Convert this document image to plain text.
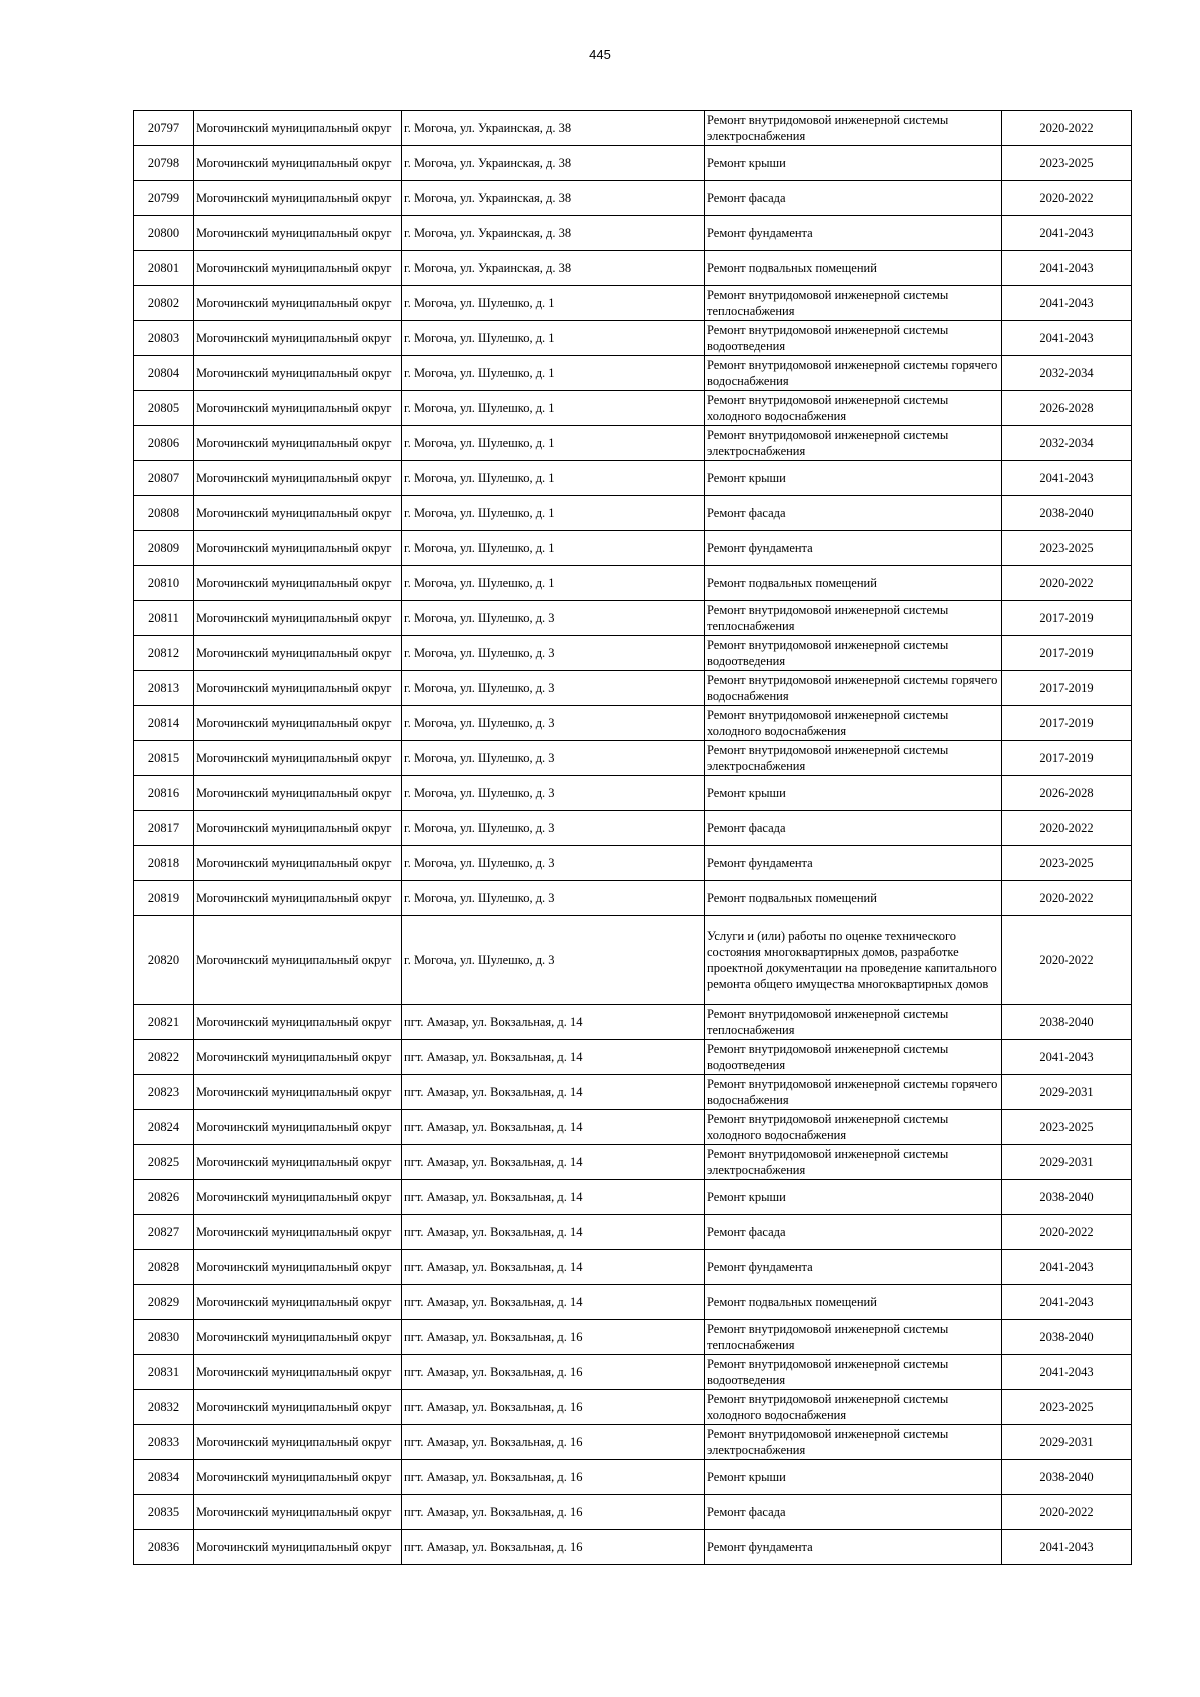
445
20797	Могочинский муниципальный округ	г. Могоча, ул. Украинская, д. 38	Ремонт внутридомовой инженерной системы электроснабжения	2020-2022
20798	Могочинский муниципальный округ	г. Могоча, ул. Украинская, д. 38	Ремонт крыши	2023-2025
20799	Могочинский муниципальный округ	г. Могоча, ул. Украинская, д. 38	Ремонт фасада	2020-2022
20800	Могочинский муниципальный округ	г. Могоча, ул. Украинская, д. 38	Ремонт фундамента	2041-2043
20801	Могочинский муниципальный округ	г. Могоча, ул. Украинская, д. 38	Ремонт подвальных помещений	2041-2043
20802	Могочинский муниципальный округ	г. Могоча, ул. Шулешко, д. 1	Ремонт внутридомовой инженерной системы теплоснабжения	2041-2043
20803	Могочинский муниципальный округ	г. Могоча, ул. Шулешко, д. 1	Ремонт внутридомовой инженерной системы водоотведения	2041-2043
20804	Могочинский муниципальный округ	г. Могоча, ул. Шулешко, д. 1	Ремонт внутридомовой инженерной системы горячего водоснабжения	2032-2034
20805	Могочинский муниципальный округ	г. Могоча, ул. Шулешко, д. 1	Ремонт внутридомовой инженерной системы холодного водоснабжения	2026-2028
20806	Могочинский муниципальный округ	г. Могоча, ул. Шулешко, д. 1	Ремонт внутридомовой инженерной системы электроснабжения	2032-2034
20807	Могочинский муниципальный округ	г. Могоча, ул. Шулешко, д. 1	Ремонт крыши	2041-2043
20808	Могочинский муниципальный округ	г. Могоча, ул. Шулешко, д. 1	Ремонт фасада	2038-2040
20809	Могочинский муниципальный округ	г. Могоча, ул. Шулешко, д. 1	Ремонт фундамента	2023-2025
20810	Могочинский муниципальный округ	г. Могоча, ул. Шулешко, д. 1	Ремонт подвальных помещений	2020-2022
20811	Могочинский муниципальный округ	г. Могоча, ул. Шулешко, д. 3	Ремонт внутридомовой инженерной системы теплоснабжения	2017-2019
20812	Могочинский муниципальный округ	г. Могоча, ул. Шулешко, д. 3	Ремонт внутридомовой инженерной системы водоотведения	2017-2019
20813	Могочинский муниципальный округ	г. Могоча, ул. Шулешко, д. 3	Ремонт внутридомовой инженерной системы горячего водоснабжения	2017-2019
20814	Могочинский муниципальный округ	г. Могоча, ул. Шулешко, д. 3	Ремонт внутридомовой инженерной системы холодного водоснабжения	2017-2019
20815	Могочинский муниципальный округ	г. Могоча, ул. Шулешко, д. 3	Ремонт внутридомовой инженерной системы электроснабжения	2017-2019
20816	Могочинский муниципальный округ	г. Могоча, ул. Шулешко, д. 3	Ремонт крыши	2026-2028
20817	Могочинский муниципальный округ	г. Могоча, ул. Шулешко, д. 3	Ремонт фасада	2020-2022
20818	Могочинский муниципальный округ	г. Могоча, ул. Шулешко, д. 3	Ремонт фундамента	2023-2025
20819	Могочинский муниципальный округ	г. Могоча, ул. Шулешко, д. 3	Ремонт подвальных помещений	2020-2022
20820	Могочинский муниципальный округ	г. Могоча, ул. Шулешко, д. 3	Услуги и (или) работы по оценке технического состояния многоквартирных домов, разработке проектной документации на проведение капитального ремонта общего имущества многоквартирных домов	2020-2022
20821	Могочинский муниципальный округ	пгт. Амазар, ул. Вокзальная, д. 14	Ремонт внутридомовой инженерной системы теплоснабжения	2038-2040
20822	Могочинский муниципальный округ	пгт. Амазар, ул. Вокзальная, д. 14	Ремонт внутридомовой инженерной системы водоотведения	2041-2043
20823	Могочинский муниципальный округ	пгт. Амазар, ул. Вокзальная, д. 14	Ремонт внутридомовой инженерной системы горячего водоснабжения	2029-2031
20824	Могочинский муниципальный округ	пгт. Амазар, ул. Вокзальная, д. 14	Ремонт внутридомовой инженерной системы холодного водоснабжения	2023-2025
20825	Могочинский муниципальный округ	пгт. Амазар, ул. Вокзальная, д. 14	Ремонт внутридомовой инженерной системы электроснабжения	2029-2031
20826	Могочинский муниципальный округ	пгт. Амазар, ул. Вокзальная, д. 14	Ремонт крыши	2038-2040
20827	Могочинский муниципальный округ	пгт. Амазар, ул. Вокзальная, д. 14	Ремонт фасада	2020-2022
20828	Могочинский муниципальный округ	пгт. Амазар, ул. Вокзальная, д. 14	Ремонт фундамента	2041-2043
20829	Могочинский муниципальный округ	пгт. Амазар, ул. Вокзальная, д. 14	Ремонт подвальных помещений	2041-2043
20830	Могочинский муниципальный округ	пгт. Амазар, ул. Вокзальная, д. 16	Ремонт внутридомовой инженерной системы теплоснабжения	2038-2040
20831	Могочинский муниципальный округ	пгт. Амазар, ул. Вокзальная, д. 16	Ремонт внутридомовой инженерной системы водоотведения	2041-2043
20832	Могочинский муниципальный округ	пгт. Амазар, ул. Вокзальная, д. 16	Ремонт внутридомовой инженерной системы холодного водоснабжения	2023-2025
20833	Могочинский муниципальный округ	пгт. Амазар, ул. Вокзальная, д. 16	Ремонт внутридомовой инженерной системы электроснабжения	2029-2031
20834	Могочинский муниципальный округ	пгт. Амазар, ул. Вокзальная, д. 16	Ремонт крыши	2038-2040
20835	Могочинский муниципальный округ	пгт. Амазар, ул. Вокзальная, д. 16	Ремонт фасада	2020-2022
20836	Могочинский муниципальный округ	пгт. Амазар, ул. Вокзальная, д. 16	Ремонт фундамента	2041-2043
